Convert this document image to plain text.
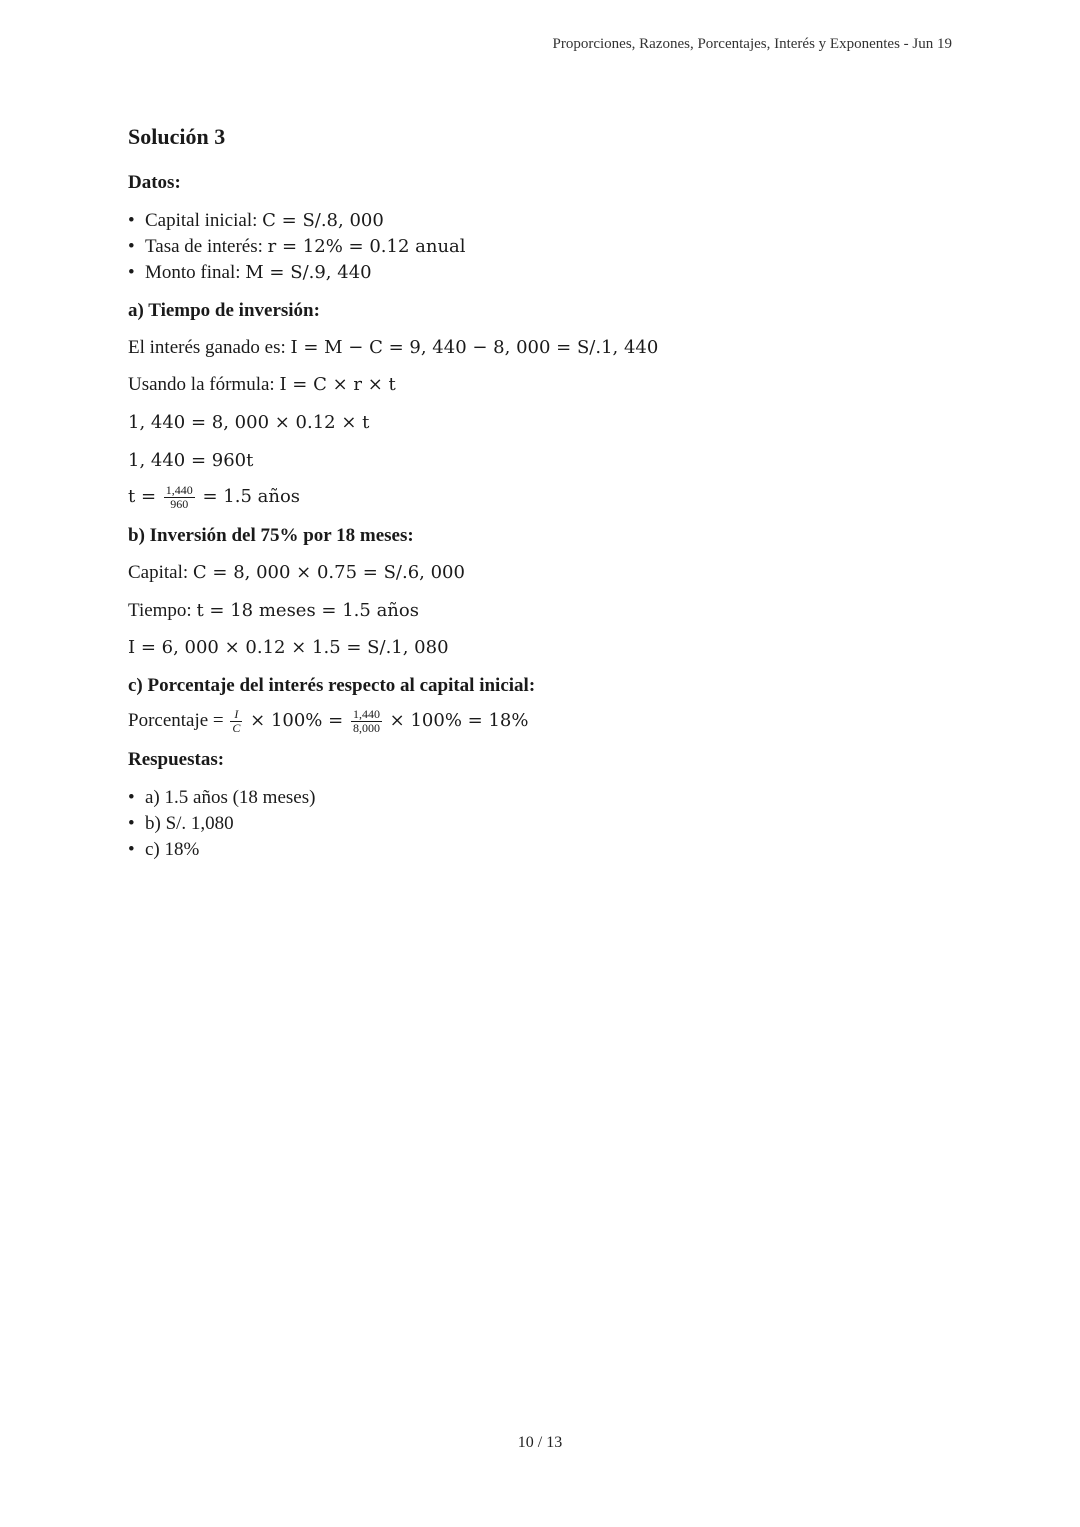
Proporciones, Razones, Porcentajes, Interés y Exponentes - Jun 19
Solución 3
Datos:
• Capital inicial: C = S/.8, 000
• Tasa de interés: r = 12% = 0.12 anual
• Monto final: M = S/.9, 440
a) Tiempo de inversión:
El interés ganado es: I = M − C = 9, 440 − 8, 000 = S/.1, 440
Usando la fórmula: I = C × r × t
1, 440 = 8, 000 × 0.12 × t
1, 440 = 960t
$t = \frac{1,440}{960} = 1.5$ años
b) Inversión del 75% por 18 meses:
Capital: C = 8, 000 × 0.75 = S/.6, 000
Tiempo: t = 18 meses = 1.5 años
I = 6, 000 × 0.12 × 1.5 = S/.1, 080
c) Porcentaje del interés respecto al capital inicial:
Porcentaje = $\frac{I}{C} \times 100\% = \frac{1,440}{8,000} \times 100\% = 18\%$
Respuestas:
• a) 1.5 años (18 meses)
• b) S/. 1,080
• c) 18%
10 / 13
